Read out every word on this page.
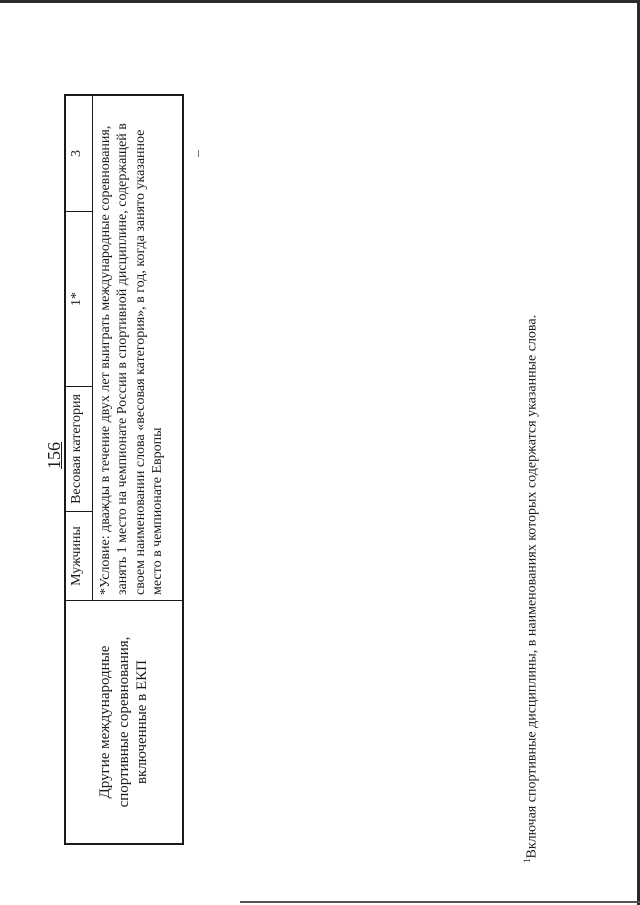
156
Другие международные спортивные соревнования, включенные в ЕКП	Мужчины	Весовая категория	1*	3
*Условие: дважды в течение двух лет выиграть международные соревнования, занять 1 место на чемпионате России в спортивной дисциплине, содержащей в своем наименовании слова «весовая категория», в год, когда занято указанное место в чемпионате Европы
$^1$Включая спортивные дисциплины, в наименованиях которых содержатся указанные слова.
